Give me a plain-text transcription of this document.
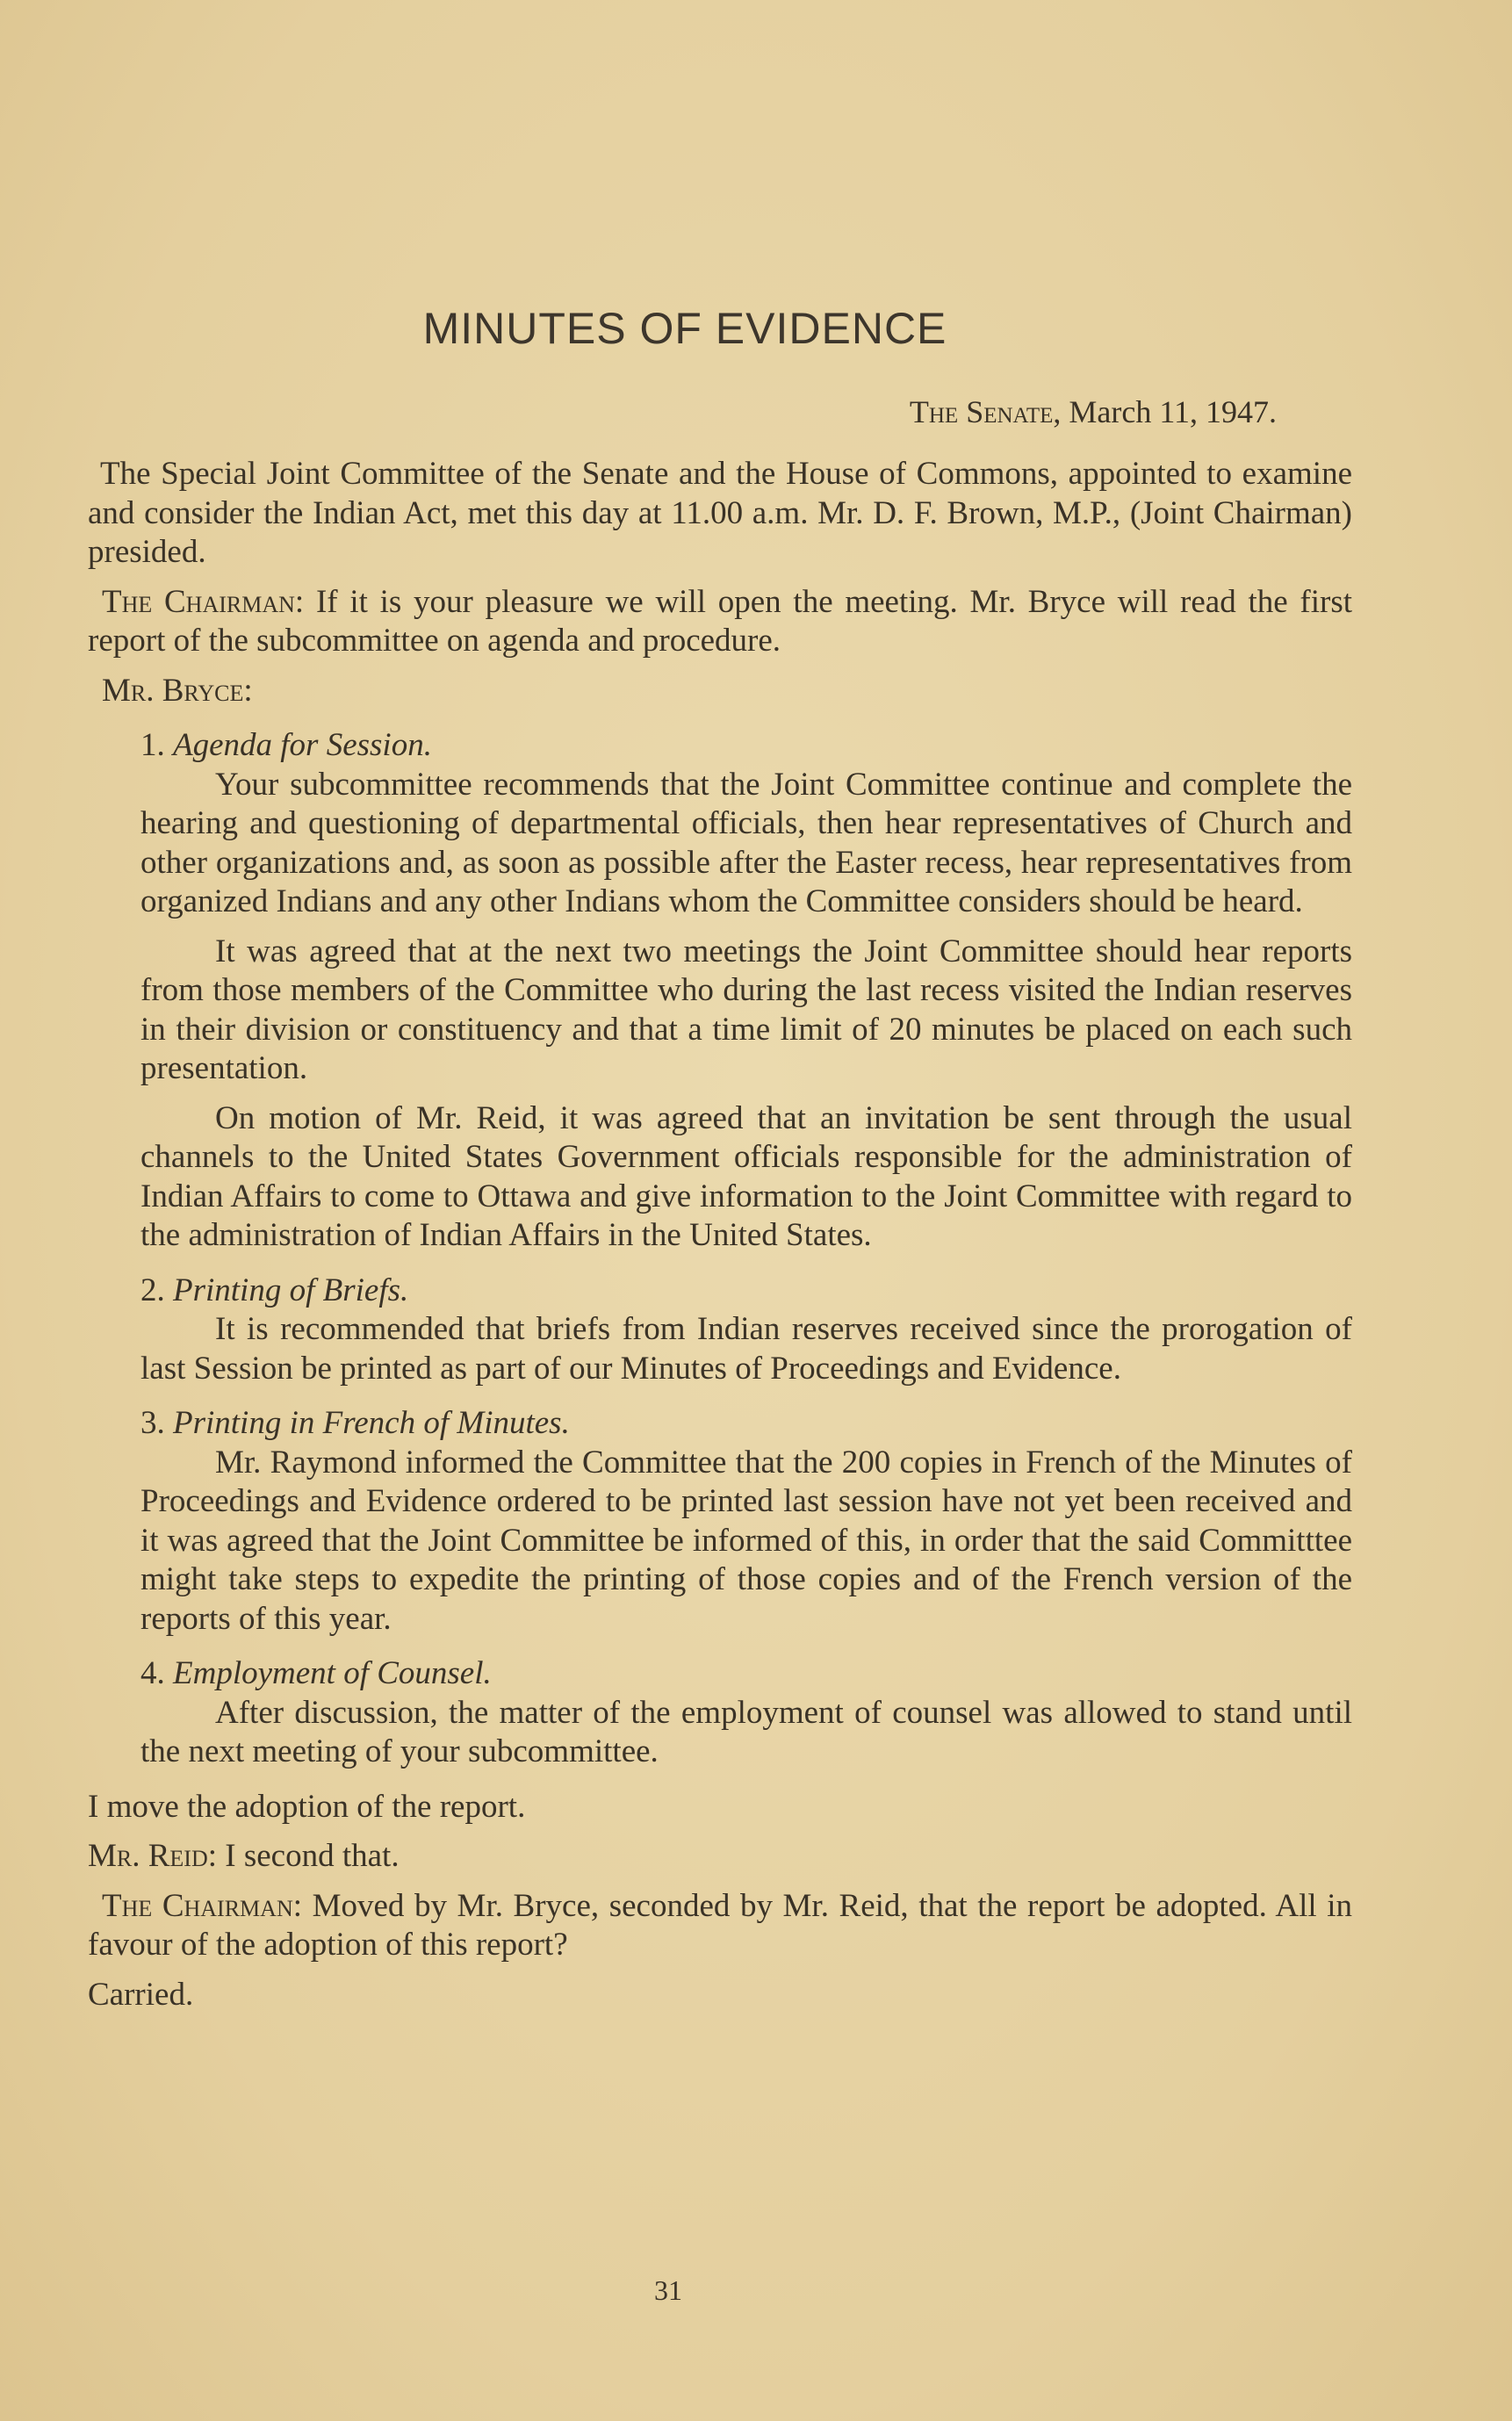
MINUTES OF EVIDENCE
The Senate, March 11, 1947.

The Special Joint Committee of the Senate and the House of Commons, appointed to examine and consider the Indian Act, met this day at 11.00 a.m. Mr. D. F. Brown, M.P., (Joint Chairman) presided.

The Chairman: If it is your pleasure we will open the meeting. Mr. Bryce will read the first report of the subcommittee on agenda and procedure.

Mr. Bryce:

1. Agenda for Session.

Your subcommittee recommends that the Joint Committee continue and complete the hearing and questioning of departmental officials, then hear representatives of Church and other organizations and, as soon as possible after the Easter recess, hear representatives from organized Indians and any other Indians whom the Committee considers should be heard.

It was agreed that at the next two meetings the Joint Committee should hear reports from those members of the Committee who during the last recess visited the Indian reserves in their division or constituency and that a time limit of 20 minutes be placed on each such presentation.

On motion of Mr. Reid, it was agreed that an invitation be sent through the usual channels to the United States Government officials responsible for the administration of Indian Affairs to come to Ottawa and give information to the Joint Committee with regard to the administration of Indian Affairs in the United States.

2. Printing of Briefs.

It is recommended that briefs from Indian reserves received since the prorogation of last Session be printed as part of our Minutes of Proceedings and Evidence.

3. Printing in French of Minutes.

Mr. Raymond informed the Committee that the 200 copies in French of the Minutes of Proceedings and Evidence ordered to be printed last session have not yet been received and it was agreed that the Joint Committee be informed of this, in order that the said Committtee might take steps to expedite the printing of those copies and of the French version of the reports of this year.

4. Employment of Counsel.

After discussion, the matter of the employment of counsel was allowed to stand until the next meeting of your subcommittee.

I move the adoption of the report.

Mr. Reid: I second that.

The Chairman: Moved by Mr. Bryce, seconded by Mr. Reid, that the report be adopted. All in favour of the adoption of this report?

Carried.

31
